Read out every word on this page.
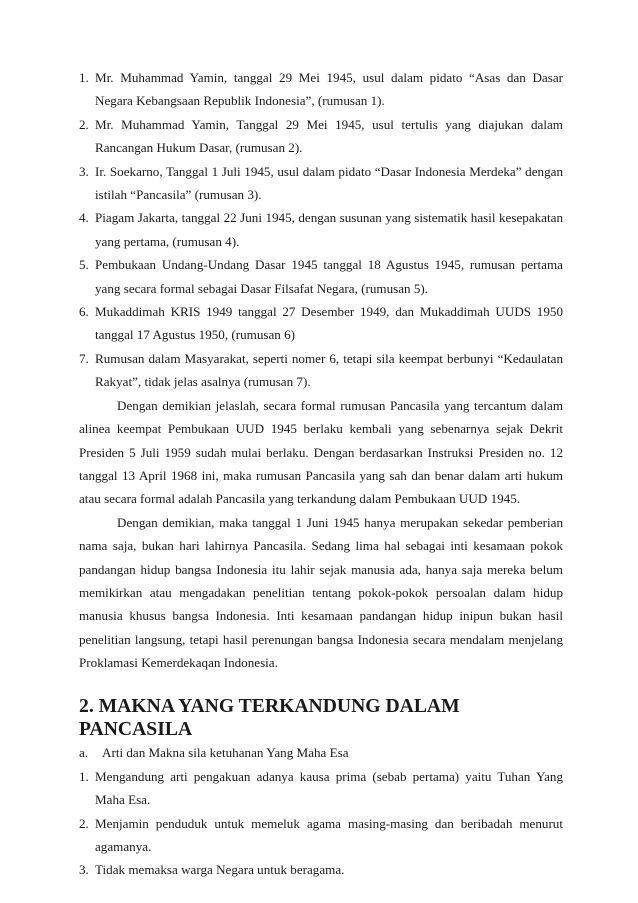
1. Mr. Muhammad Yamin, tanggal 29 Mei 1945, usul dalam pidato “Asas dan Dasar Negara Kebangsaan Republik Indonesia”, (rumusan 1).
2. Mr. Muhammad Yamin, Tanggal 29 Mei 1945, usul tertulis yang diajukan dalam Rancangan Hukum Dasar, (rumusan 2).
3. Ir. Soekarno, Tanggal 1 Juli 1945, usul dalam pidato “Dasar Indonesia Merdeka” dengan istilah “Pancasila” (rumusan 3).
4. Piagam Jakarta, tanggal 22 Juni 1945, dengan susunan yang sistematik hasil kesepakatan yang pertama, (rumusan 4).
5. Pembukaan Undang-Undang Dasar 1945 tanggal 18 Agustus 1945, rumusan pertama yang secara formal sebagai Dasar Filsafat Negara, (rumusan 5).
6. Mukaddimah KRIS 1949 tanggal 27 Desember 1949, dan Mukaddimah UUDS 1950 tanggal 17 Agustus 1950, (rumusan 6)
7. Rumusan dalam Masyarakat, seperti nomer 6, tetapi sila keempat berbunyi “Kedaulatan Rakyat”, tidak jelas asalnya (rumusan 7).

Dengan demikian jelaslah, secara formal rumusan Pancasila yang tercantum dalam alinea keempat Pembukaan UUD 1945 berlaku kembali yang sebenarnya sejak Dekrit Presiden 5 Juli 1959 sudah mulai berlaku. Dengan berdasarkan Instruksi Presiden no. 12 tanggal 13 April 1968 ini, maka rumusan Pancasila yang sah dan benar dalam arti hukum atau secara formal adalah Pancasila yang terkandung dalam Pembukaan UUD 1945.

Dengan demikian, maka tanggal 1 Juni 1945 hanya merupakan sekedar pemberian nama saja, bukan hari lahirnya Pancasila. Sedang lima hal sebagai inti kesamaan pokok pandangan hidup bangsa Indonesia itu lahir sejak manusia ada, hanya saja mereka belum memikirkan atau mengadakan penelitian tentang pokok-pokok persoalan dalam hidup manusia khusus bangsa Indonesia. Inti kesamaan pandangan hidup inipun bukan hasil penelitian langsung, tetapi hasil perenungan bangsa Indonesia secara mendalam menjelang Proklamasi Kemerdekaqan Indonesia.

2. MAKNA YANG TERKANDUNG DALAM PANCASILA
a. Arti dan Makna sila ketuhanan Yang Maha Esa
1. Mengandung arti pengakuan adanya kausa prima (sebab pertama) yaitu Tuhan Yang Maha Esa.
2. Menjamin penduduk untuk memeluk agama masing-masing dan beribadah menurut agamanya.
3. Tidak memaksa warga Negara untuk beragama.
